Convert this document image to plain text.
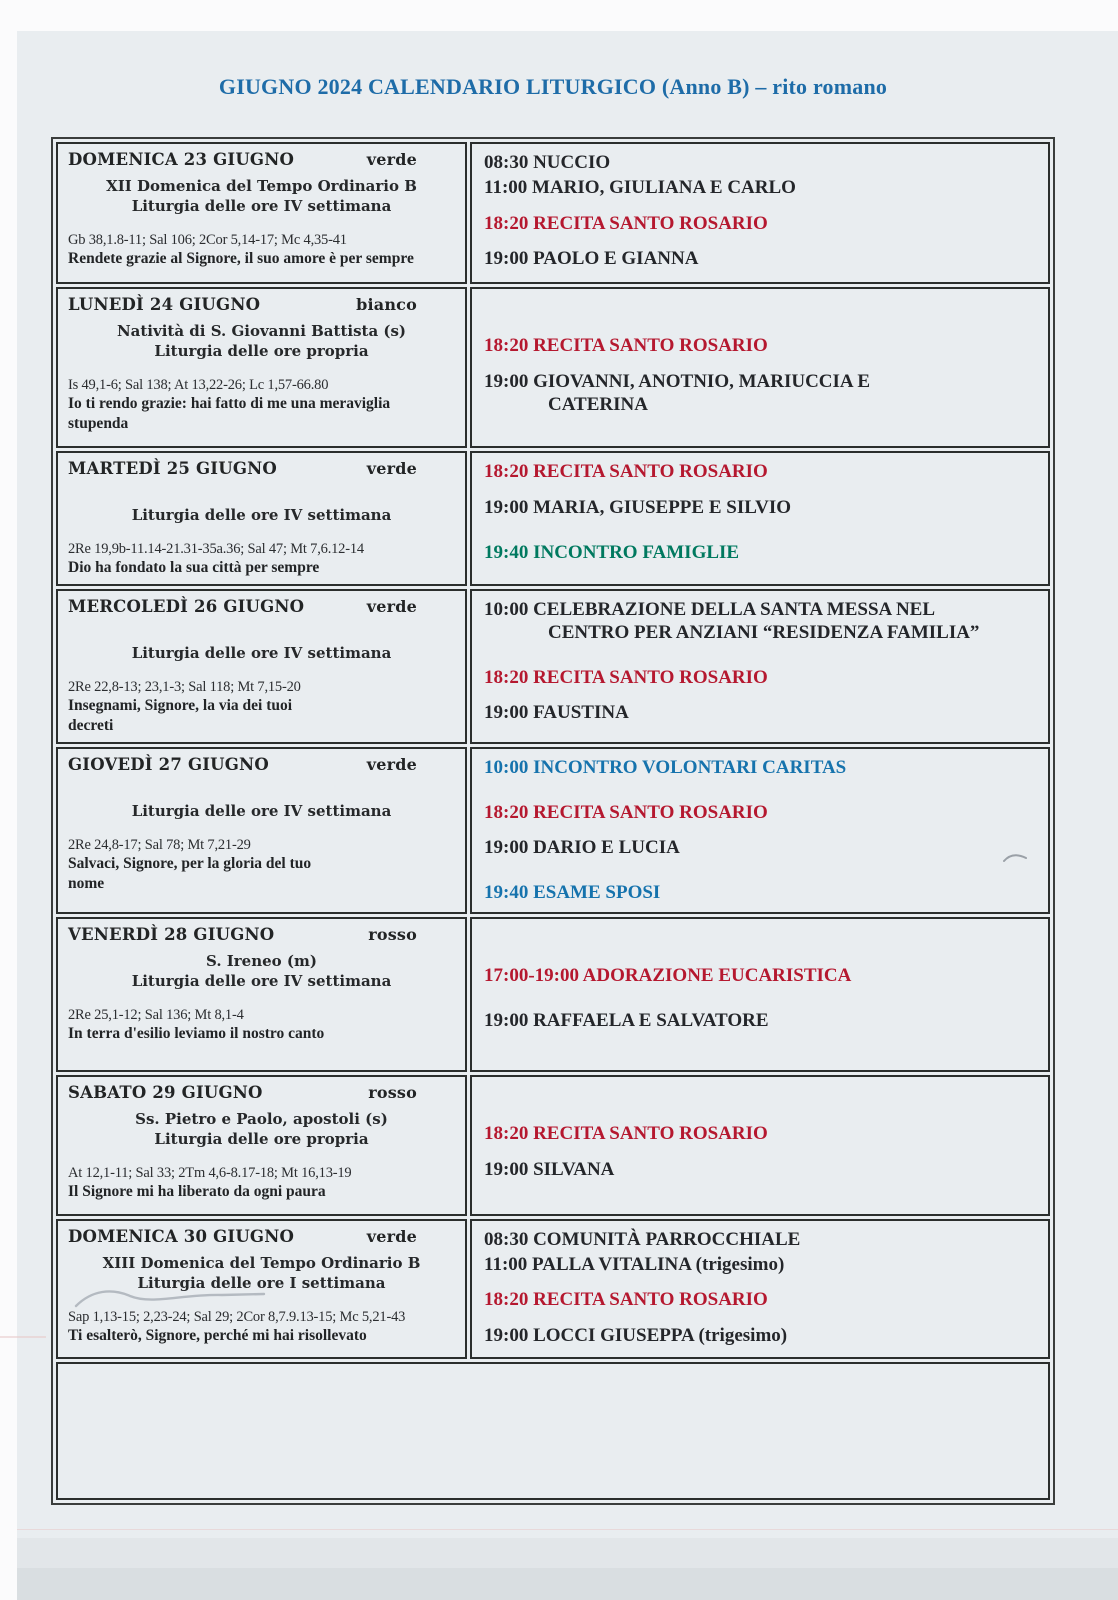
GIUGNO 2024 CALENDARIO LITURGICO (Anno B) – rito romano
DOMENICA 23 GIUGNO	verde
XII Domenica del Tempo Ordinario B
Liturgia delle ore IV settimana
Gb 38,1.8-11; Sal 106; 2Cor 5,14-17; Mc 4,35-41
Rendete grazie al Signore, il suo amore è per sempre
08:30 NUCCIO
11:00 MARIO, GIULIANA E CARLO
18:20 RECITA SANTO ROSARIO
19:00 PAOLO E GIANNA
LUNEDÌ 24 GIUGNO	bianco
Natività di S. Giovanni Battista (s)
Liturgia delle ore propria
Is 49,1-6; Sal 138; At 13,22-26; Lc 1,57-66.80
Io ti rendo grazie: hai fatto di me una meraviglia
stupenda
18:20 RECITA SANTO ROSARIO
19:00 GIOVANNI, ANOTNIO, MARIUCCIA E
CATERINA
MARTEDÌ 25 GIUGNO	verde
Liturgia delle ore IV settimana
2Re 19,9b-11.14-21.31-35a.36; Sal 47; Mt 7,6.12-14
Dio ha fondato la sua città per sempre
18:20 RECITA SANTO ROSARIO
19:00 MARIA, GIUSEPPE E SILVIO
19:40 INCONTRO FAMIGLIE
MERCOLEDÌ 26 GIUGNO	verde
Liturgia delle ore IV settimana
2Re 22,8-13; 23,1-3; Sal 118; Mt 7,15-20
Insegnami, Signore, la via dei tuoi
decreti
10:00 CELEBRAZIONE DELLA SANTA MESSA NEL
CENTRO PER ANZIANI “RESIDENZA FAMILIA”
18:20 RECITA SANTO ROSARIO
19:00 FAUSTINA
GIOVEDÌ 27 GIUGNO	verde
Liturgia delle ore IV settimana
2Re 24,8-17; Sal 78; Mt 7,21-29
Salvaci, Signore, per la gloria del tuo
nome
10:00 INCONTRO VOLONTARI CARITAS
18:20 RECITA SANTO ROSARIO
19:00 DARIO E LUCIA
19:40 ESAME SPOSI
VENERDÌ 28 GIUGNO	rosso
S. Ireneo (m)
Liturgia delle ore IV settimana
2Re 25,1-12; Sal 136; Mt 8,1-4
In terra d'esilio leviamo il nostro canto
17:00-19:00 ADORAZIONE EUCARISTICA
19:00 RAFFAELA E SALVATORE
SABATO 29 GIUGNO	rosso
Ss. Pietro e Paolo, apostoli (s)
Liturgia delle ore propria
At 12,1-11; Sal 33; 2Tm 4,6-8.17-18; Mt 16,13-19
Il Signore mi ha liberato da ogni paura
18:20 RECITA SANTO ROSARIO
19:00 SILVANA
DOMENICA 30 GIUGNO	verde
XIII Domenica del Tempo Ordinario B
Liturgia delle ore I settimana
Sap 1,13-15; 2,23-24; Sal 29; 2Cor 8,7.9.13-15; Mc 5,21-43
Ti esalterò, Signore, perché mi hai risollevato
08:30 COMUNITÀ PARROCCHIALE
11:00 PALLA VITALINA (trigesimo)
18:20 RECITA SANTO ROSARIO
19:00 LOCCI GIUSEPPA (trigesimo)
